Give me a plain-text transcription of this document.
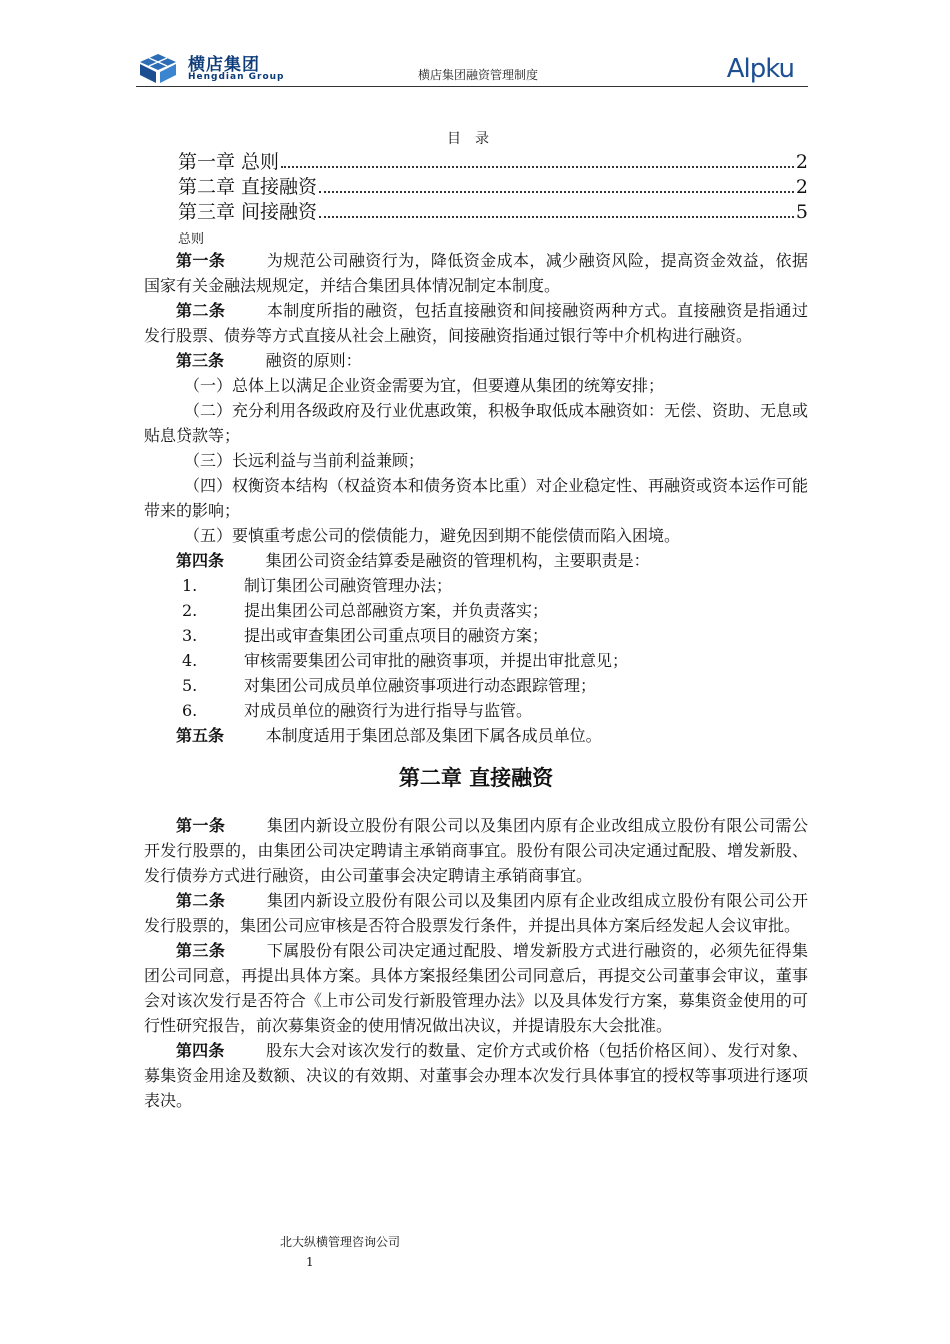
横店集团
Hengdian Group	横店集团融资管理制度	Alpku
目录
第一章 总则	2
第二章 直接融资	2
第三章 间接融资	5
总则

第一条	为规范公司融资行为，降低资金成本，减少融资风险，提高资金效益，依据国家有关金融法规规定，并结合集团具体情况制定本制度。

第二条	本制度所指的融资，包括直接融资和间接融资两种方式。直接融资是指通过发行股票、债券等方式直接从社会上融资，间接融资指通过银行等中介机构进行融资。

第三条	融资的原则：

（一）总体上以满足企业资金需要为宜，但要遵从集团的统筹安排；

（二）充分利用各级政府及行业优惠政策，积极争取低成本融资如：无偿、资助、无息或贴息贷款等；

（三）长远利益与当前利益兼顾；

（四）权衡资本结构（权益资本和债务资本比重）对企业稳定性、再融资或资本运作可能带来的影响；

（五）要慎重考虑公司的偿债能力，避免因到期不能偿债而陷入困境。

第四条	集团公司资金结算委是融资的管理机构，主要职责是：

1.	制订集团公司融资管理办法；
2.	提出集团公司总部融资方案，并负责落实；
3.	提出或审查集团公司重点项目的融资方案；
4.	审核需要集团公司审批的融资事项，并提出审批意见；
5.	对集团公司成员单位融资事项进行动态跟踪管理；
6.	对成员单位的融资行为进行指导与监管。

第五条	本制度适用于集团总部及集团下属各成员单位。

第二章 直接融资

第一条	集团内新设立股份有限公司以及集团内原有企业改组成立股份有限公司需公开发行股票的，由集团公司决定聘请主承销商事宜。股份有限公司决定通过配股、增发新股、发行债券方式进行融资，由公司董事会决定聘请主承销商事宜。

第二条	集团内新设立股份有限公司以及集团内原有企业改组成立股份有限公司公开发行股票的，集团公司应审核是否符合股票发行条件，并提出具体方案后经发起人会议审批。

第三条	下属股份有限公司决定通过配股、增发新股方式进行融资的，必须先征得集团公司同意，再提出具体方案。具体方案报经集团公司同意后，再提交公司董事会审议，董事会对该次发行是否符合《上市公司发行新股管理办法》以及具体发行方案，募集资金使用的可行性研究报告，前次募集资金的使用情况做出决议，并提请股东大会批准。

第四条	股东大会对该次发行的数量、定价方式或价格（包括价格区间）、发行对象、募集资金用途及数额、决议的有效期、对董事会办理本次发行具体事宜的授权等事项进行逐项表决。

北大纵横管理咨询公司
1
